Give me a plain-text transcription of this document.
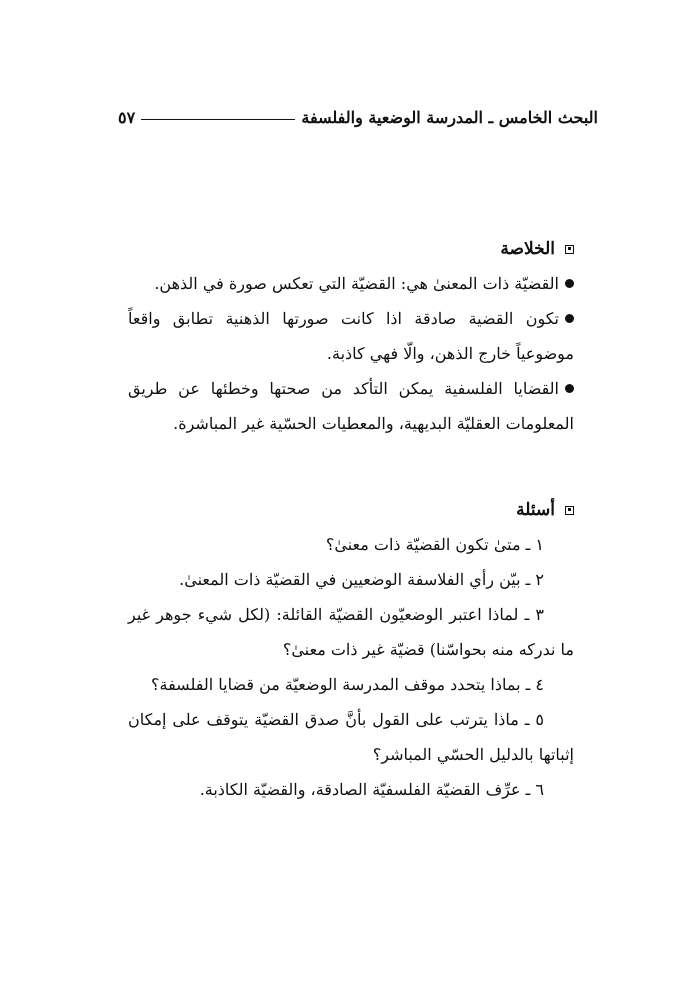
البحث الخامس ـ المدرسة الوضعية والفلسفة
٥٧
الخلاصة
القضيّة ذات المعنىٰ هي: القضيّة التي تعكس صورة في الذهن.
تكون القضية صادقة اذا كانت صورتها الذهنية تطابق واقعاً موضوعياً خارج الذهن، والّا فهي كاذبة.
القضايا الفلسفية يمكن التأكد من صحتها وخطئها عن طريق المعلومات العقليّة البديهية، والمعطيات الحسّية غير المباشرة.
أسئلة
١ ـ متىٰ تكون القضيّة ذات معنىٰ؟
٢ ـ بيّن رأي الفلاسفة الوضعيين في القضيّة ذات المعنىٰ.
٣ ـ لماذا اعتبر الوضعيّون القضيّة القائلة: (لكل شيء جوهر غير ما ندركه منه بحواسّنا) قضيّة غير ذات معنىٰ؟
٤ ـ بماذا يتحدد موقف المدرسة الوضعيّة من قضايا الفلسفة؟
٥ ـ ماذا يترتب على القول بأنَّ صدق القضيّة يتوقف على إمكان إثباتها بالدليل الحسّي المباشر؟
٦ ـ عرِّف القضيّة الفلسفيّة الصادقة، والقضيّة الكاذبة.
